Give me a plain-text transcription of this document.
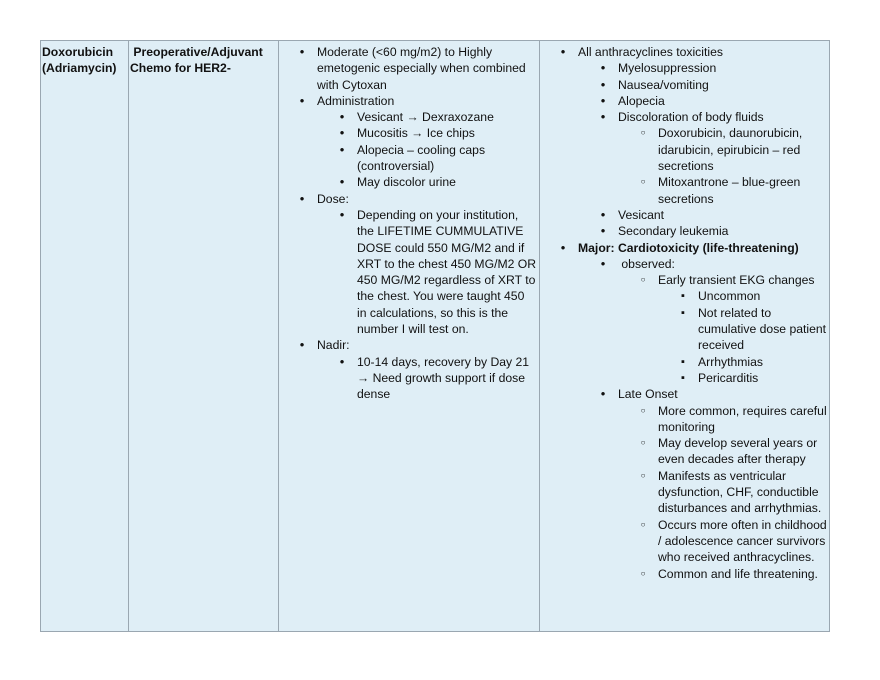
Doxorubicin
(Adriamycin)

Preoperative/Adjuvant
Chemo for HER2-

•
Moderate (<60 mg/m2) to Highly emetogenic especially when combined with Cytoxan
•
Administration
•
Vesicant → Dexraxozane
•
Mucositis → Ice chips
•
Alopecia – cooling caps (controversial)
•
May discolor urine
•
Dose:
•
Depending on your institution, the LIFETIME CUMMULATIVE DOSE could 550 MG/M2 and if XRT to the chest 450 MG/M2 OR 450 MG/M2 regardless of XRT to the chest. You were taught 450 in calculations, so this is the number I will test on.
•
Nadir:
•
10-14 days, recovery by Day 21 → Need growth support if dose dense

•
All anthracyclines toxicities
•
Myelosuppression
•
Nausea/vomiting
•
Alopecia
•
Discoloration of body fluids
○
Doxorubicin, daunorubicin, idarubicin, epirubicin – red secretions
○
Mitoxantrone – blue-green secretions
•
Vesicant
•
Secondary leukemia
•
Major: Cardiotoxicity (life-threatening)
•
observed:
○
Early transient EKG changes
▪
Uncommon
▪
Not related to cumulative dose patient received
▪
Arrhythmias
▪
Pericarditis
•
Late Onset
○
More common, requires careful monitoring
○
May develop several years or even decades after therapy
○
Manifests as ventricular dysfunction, CHF, conductible disturbances and arrhythmias.
○
Occurs more often in childhood / adolescence cancer survivors who received anthracyclines.
○
Common and life threatening.
